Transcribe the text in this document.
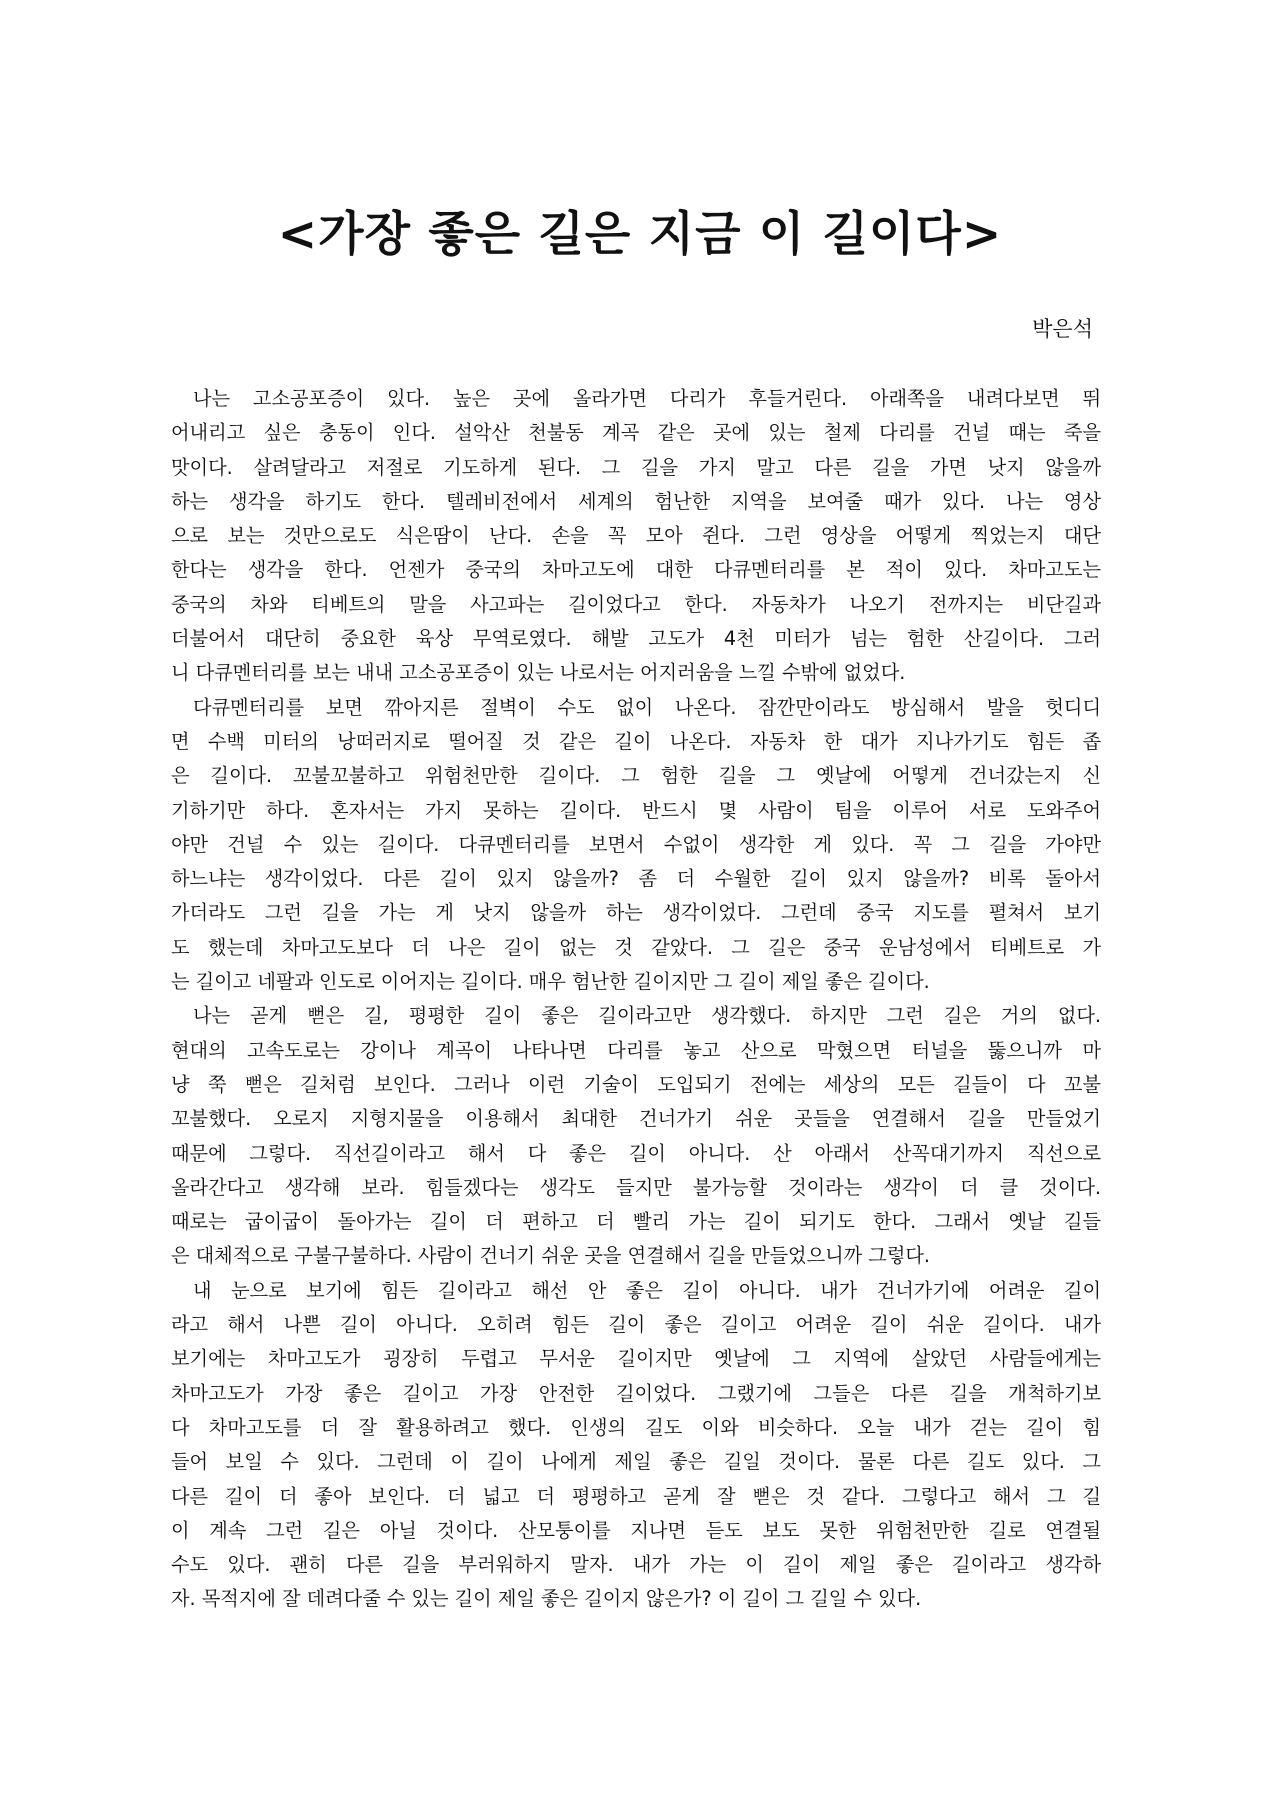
<가장 좋은 길은 지금 이 길이다>

박은석

나는 고소공포증이 있다. 높은 곳에 올라가면 다리가 후들거린다. 아래쪽을 내려다보면 뛰
어내리고 싶은 충동이 인다. 설악산 천불동 계곡 같은 곳에 있는 철제 다리를 건널 때는 죽을
맛이다. 살려달라고 저절로 기도하게 된다. 그 길을 가지 말고 다른 길을 가면 낫지 않을까
하는 생각을 하기도 한다. 텔레비전에서 세계의 험난한 지역을 보여줄 때가 있다. 나는 영상
으로 보는 것만으로도 식은땀이 난다. 손을 꼭 모아 쥔다. 그런 영상을 어떻게 찍었는지 대단
한다는 생각을 한다. 언젠가 중국의 차마고도에 대한 다큐멘터리를 본 적이 있다. 차마고도는
중국의 차와 티베트의 말을 사고파는 길이었다고 한다. 자동차가 나오기 전까지는 비단길과
더불어서 대단히 중요한 육상 무역로였다. 해발 고도가 4천 미터가 넘는 험한 산길이다. 그러
니 다큐멘터리를 보는 내내 고소공포증이 있는 나로서는 어지러움을 느낄 수밖에 없었다.
다큐멘터리를 보면 깎아지른 절벽이 수도 없이 나온다. 잠깐만이라도 방심해서 발을 헛디디
면 수백 미터의 낭떠러지로 떨어질 것 같은 길이 나온다. 자동차 한 대가 지나가기도 힘든 좁
은 길이다. 꼬불꼬불하고 위험천만한 길이다. 그 험한 길을 그 옛날에 어떻게 건너갔는지 신
기하기만 하다. 혼자서는 가지 못하는 길이다. 반드시 몇 사람이 팀을 이루어 서로 도와주어
야만 건널 수 있는 길이다. 다큐멘터리를 보면서 수없이 생각한 게 있다. 꼭 그 길을 가야만
하느냐는 생각이었다. 다른 길이 있지 않을까? 좀 더 수월한 길이 있지 않을까? 비록 돌아서
가더라도 그런 길을 가는 게 낫지 않을까 하는 생각이었다. 그런데 중국 지도를 펼쳐서 보기
도 했는데 차마고도보다 더 나은 길이 없는 것 같았다. 그 길은 중국 운남성에서 티베트로 가
는 길이고 네팔과 인도로 이어지는 길이다. 매우 험난한 길이지만 그 길이 제일 좋은 길이다.
나는 곧게 뻗은 길, 평평한 길이 좋은 길이라고만 생각했다. 하지만 그런 길은 거의 없다.
현대의 고속도로는 강이나 계곡이 나타나면 다리를 놓고 산으로 막혔으면 터널을 뚫으니까 마
냥 쭉 뻗은 길처럼 보인다. 그러나 이런 기술이 도입되기 전에는 세상의 모든 길들이 다 꼬불
꼬불했다. 오로지 지형지물을 이용해서 최대한 건너가기 쉬운 곳들을 연결해서 길을 만들었기
때문에 그렇다. 직선길이라고 해서 다 좋은 길이 아니다. 산 아래서 산꼭대기까지 직선으로
올라간다고 생각해 보라. 힘들겠다는 생각도 들지만 불가능할 것이라는 생각이 더 클 것이다.
때로는 굽이굽이 돌아가는 길이 더 편하고 더 빨리 가는 길이 되기도 한다. 그래서 옛날 길들
은 대체적으로 구불구불하다. 사람이 건너기 쉬운 곳을 연결해서 길을 만들었으니까 그렇다.
내 눈으로 보기에 힘든 길이라고 해선 안 좋은 길이 아니다. 내가 건너가기에 어려운 길이
라고 해서 나쁜 길이 아니다. 오히려 힘든 길이 좋은 길이고 어려운 길이 쉬운 길이다. 내가
보기에는 차마고도가 굉장히 두렵고 무서운 길이지만 옛날에 그 지역에 살았던 사람들에게는
차마고도가 가장 좋은 길이고 가장 안전한 길이었다. 그랬기에 그들은 다른 길을 개척하기보
다 차마고도를 더 잘 활용하려고 했다. 인생의 길도 이와 비슷하다. 오늘 내가 걷는 길이 힘
들어 보일 수 있다. 그런데 이 길이 나에게 제일 좋은 길일 것이다. 물론 다른 길도 있다. 그
다른 길이 더 좋아 보인다. 더 넓고 더 평평하고 곧게 잘 뻗은 것 같다. 그렇다고 해서 그 길
이 계속 그런 길은 아닐 것이다. 산모퉁이를 지나면 듣도 보도 못한 위험천만한 길로 연결될
수도 있다. 괜히 다른 길을 부러워하지 말자. 내가 가는 이 길이 제일 좋은 길이라고 생각하
자. 목적지에 잘 데려다줄 수 있는 길이 제일 좋은 길이지 않은가? 이 길이 그 길일 수 있다.
